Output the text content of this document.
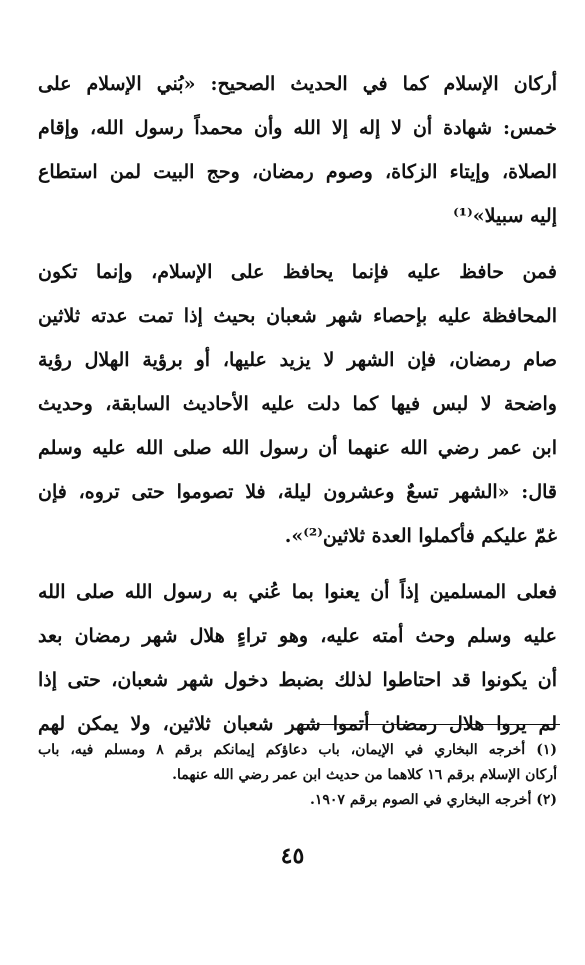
أركان الإسلام كما في الحديث الصحيح: «بُني الإسلام على
خمس: شهادة أن لا إله إلا الله وأن محمداً رسول الله، وإقام
الصلاة، وإيتاء الزكاة، وصوم رمضان، وحج البيت لمن استطاع
إليه سبيلا»⁽¹⁾
فمن حافظ عليه فإنما يحافظ على الإسلام، وإنما تكون
المحافظة عليه بإحصاء شهر شعبان بحيث إذا تمت عدته ثلاثين
صام رمضان، فإن الشهر لا يزيد عليها، أو برؤية الهلال رؤية
واضحة لا لبس فيها كما دلت عليه الأحاديث السابقة، وحديث
ابن عمر رضي الله عنهما أن رسول الله صلى الله عليه وسلم
قال: «الشهر تسعٌ وعشرون ليلة، فلا تصوموا حتى تروه، فإن
غمّ عليكم فأكملوا العدة ثلاثين⁽²⁾».
فعلى المسلمين إذاً أن يعنوا بما عُني به رسول الله صلى الله
عليه وسلم وحث أمته عليه، وهو تراءٍ هلال شهر رمضان بعد
أن يكونوا قد احتاطوا لذلك بضبط دخول شهر شعبان، حتى إذا
لم يروا هلال رمضان أتموا شهر شعبان ثلاثين، ولا يمكن لهم
(١) أخرجه البخاري في الإيمان، باب دعاؤكم إيمانكم برقم ٨ ومسلم فيه، باب
أركان الإسلام برقم ١٦ كلاهما من حديث ابن عمر رضي الله عنهما.
(٢) أخرجه البخاري في الصوم برقم ١٩٠٧.
٤٥
